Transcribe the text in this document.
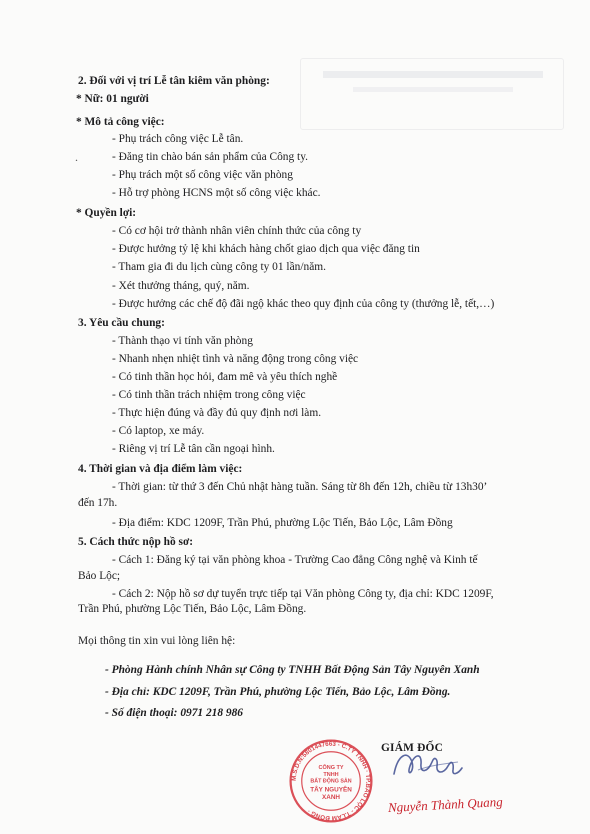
2. Đối với vị trí Lễ tân kiêm văn phòng:
* Nữ: 01 người
* Mô tả công việc:
- Phụ trách công việc Lễ tân.
- Đăng tin chào bán sản phẩm của Công ty.
- Phụ trách một số công việc văn phòng
- Hỗ trợ phòng HCNS một số công việc khác.
* Quyền lợi:
- Có cơ hội trở thành nhân viên chính thức của công ty
- Được hưởng tỷ lệ khi khách hàng chốt giao dịch qua việc đăng tin
- Tham gia đi du lịch cùng công ty 01 lần/năm.
- Xét thưởng tháng, quý, năm.
- Được hưởng các chế độ đãi ngộ khác theo quy định của công ty (thưởng lễ, tết,…)
3. Yêu cầu chung:
- Thành thạo vi tính văn phòng
- Nhanh nhẹn nhiệt tình và năng động trong công việc
- Có tinh thần học hỏi, đam mê và yêu thích nghề
- Có tinh thần trách nhiệm trong công việc
- Thực hiện đúng và đầy đủ quy định nơi làm.
- Có laptop, xe máy.
- Riêng vị trí Lễ tân cần ngoại hình.
4. Thời gian và địa điểm làm việc:
- Thời gian: từ thứ 3 đến Chủ nhật hàng tuần. Sáng từ 8h đến 12h, chiều từ 13h30’
đến 17h.
- Địa điểm: KDC 1209F, Trần Phú, phường Lộc Tiến, Bảo Lộc, Lâm Đồng
5. Cách thức nộp hồ sơ:
- Cách 1: Đăng ký tại văn phòng khoa - Trường Cao đẳng Công nghệ và Kinh tế
Bảo Lộc;
- Cách 2: Nộp hồ sơ dự tuyển trực tiếp tại Văn phòng Công ty, địa chỉ: KDC 1209F,
Trần Phú, phường Lộc Tiến, Bảo Lộc, Lâm Đồng.
Mọi thông tin xin vui lòng liên hệ:
- Phòng Hành chính Nhân sự Công ty TNHH Bất Động Sản Tây Nguyên Xanh
- Địa chỉ: KDC 1209F, Trần Phú, phường Lộc Tiến, Bảo Lộc, Lâm Đồng.
- Số điện thoại: 0971 218 986
.
M.S.D.N:5801447663 - C.TY TNHH · TP.BẢO LỘC - T.LÂM ĐỒNG ·
CÔNG TY
TNHH
BẤT ĐỘNG SẢN
TÂY NGUYÊN
XANH
GIÁM ĐỐC
Nguyễn Thành Quang
